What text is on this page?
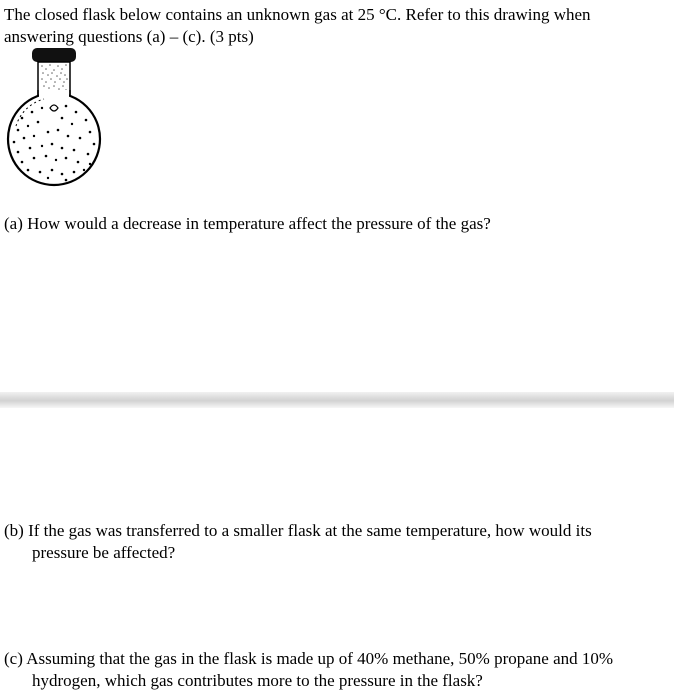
The closed flask below contains an unknown gas at 25 °C. Refer to this drawing when
answering questions (a) – (c). (3 pts)
(a) How would a decrease in temperature affect the pressure of the gas?
(b) If the gas was transferred to a smaller flask at the same temperature, how would its
pressure be affected?
(c) Assuming that the gas in the flask is made up of 40% methane, 50% propane and 10%
hydrogen, which gas contributes more to the pressure in the flask?
